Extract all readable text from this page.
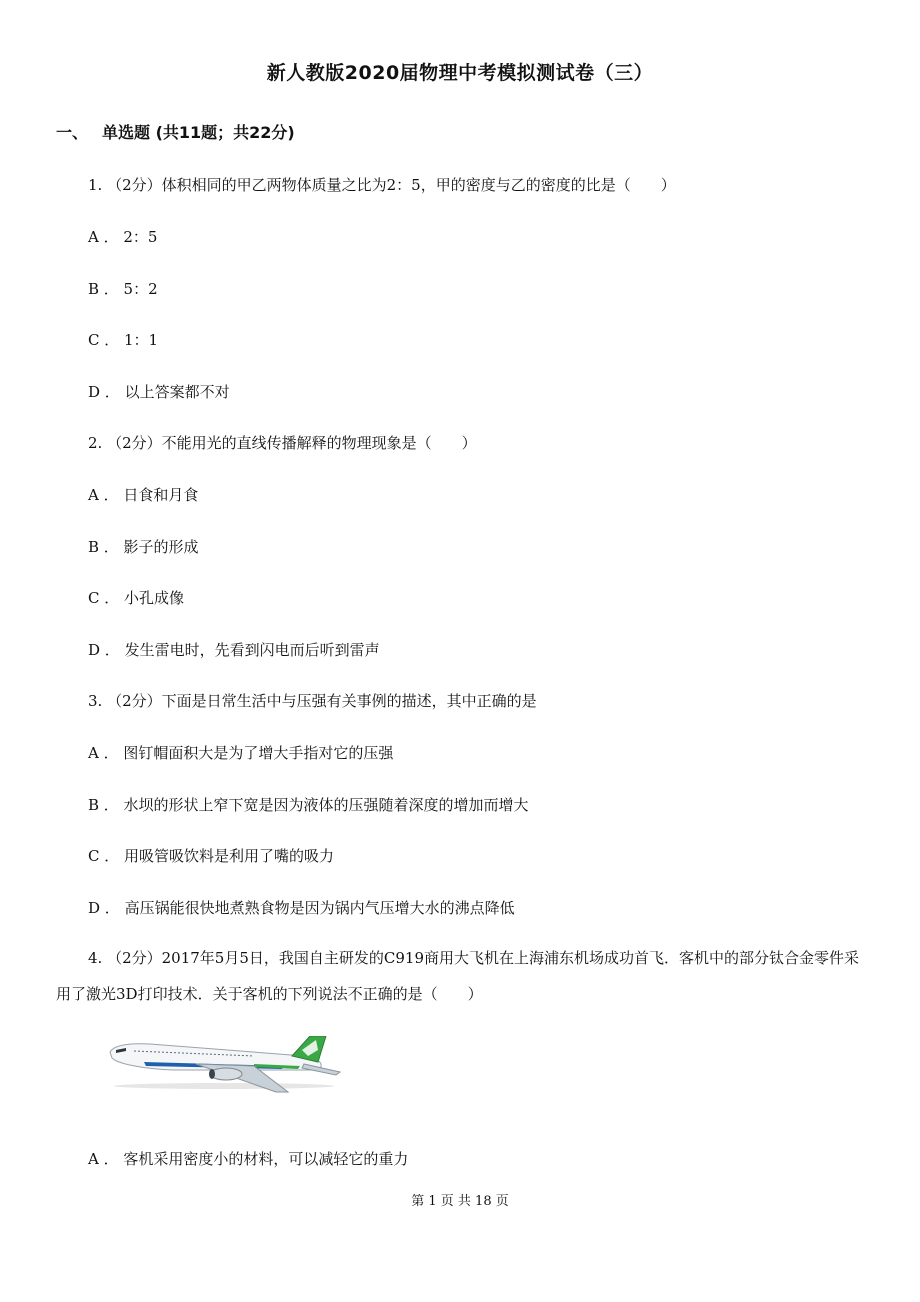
新人教版2020届物理中考模拟测试卷（三）
一、 单选题 (共11题；共22分)
1. （2分）体积相同的甲乙两物体质量之比为2：5，甲的密度与乙的密度的比是（　　）
A ． 2：5
B ． 5：2
C ． 1：1
D ． 以上答案都不对
2. （2分）不能用光的直线传播解释的物理现象是（　　）
A ． 日食和月食
B ． 影子的形成
C ． 小孔成像
D ． 发生雷电时，先看到闪电而后听到雷声
3. （2分）下面是日常生活中与压强有关事例的描述，其中正确的是
A ． 图钉帽面积大是为了增大手指对它的压强
B ． 水坝的形状上窄下宽是因为液体的压强随着深度的增加而增大
C ． 用吸管吸饮料是利用了嘴的吸力
D ． 高压锅能很快地煮熟食物是因为锅内气压增大水的沸点降低
4. （2分）2017年5月5日，我国自主研发的C919商用大飞机在上海浦东机场成功首飞．客机中的部分钛合金零件采用了激光3D打印技术．关于客机的下列说法不正确的是（　　）
A ． 客机采用密度小的材料，可以减轻它的重力
第 1 页 共 18 页
